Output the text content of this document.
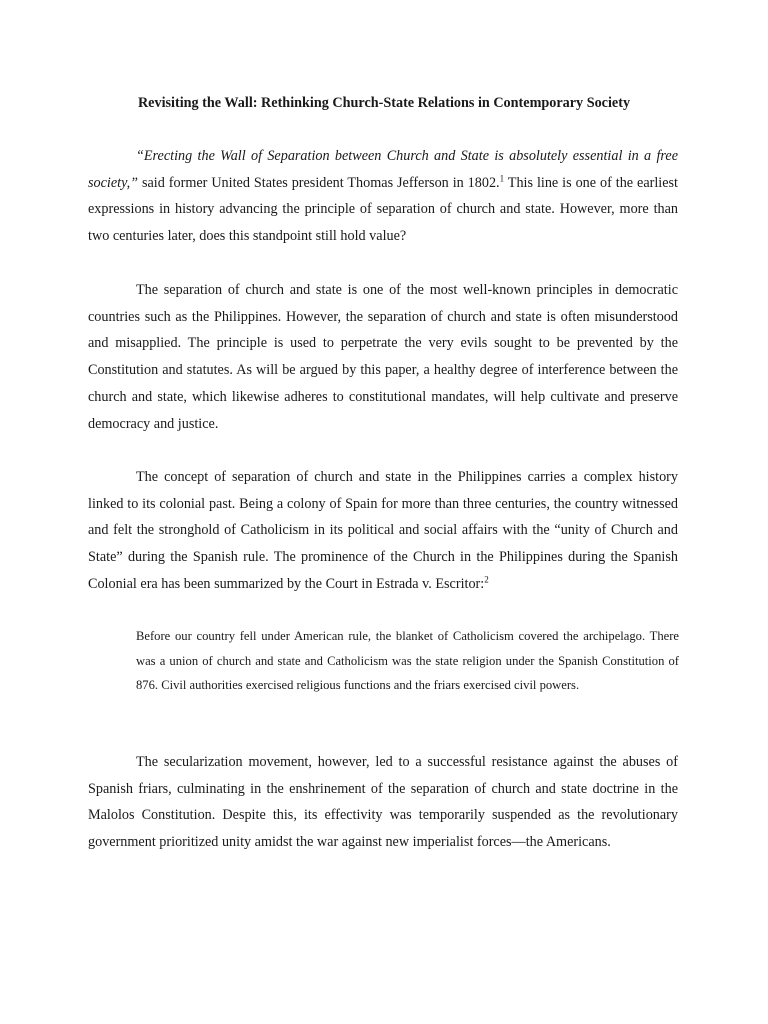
Revisiting the Wall: Rethinking Church-State Relations in Contemporary Society

“Erecting the Wall of Separation between Church and State is absolutely essential in a free society,” said former United States president Thomas Jefferson in 1802.$^1$ This line is one of the earliest expressions in history advancing the principle of separation of church and state. However, more than two centuries later, does this standpoint still hold value?

The separation of church and state is one of the most well-known principles in democratic countries such as the Philippines. However, the separation of church and state is often misunderstood and misapplied. The principle is used to perpetrate the very evils sought to be prevented by the Constitution and statutes. As will be argued by this paper, a healthy degree of interference between the church and state, which likewise adheres to constitutional mandates, will help cultivate and preserve democracy and justice.

The concept of separation of church and state in the Philippines carries a complex history linked to its colonial past. Being a colony of Spain for more than three centuries, the country witnessed and felt the stronghold of Catholicism in its political and social affairs with the “unity of Church and State” during the Spanish rule. The prominence of the Church in the Philippines during the Spanish Colonial era has been summarized by the Court in Estrada v. Escritor:$^2$

Before our country fell under American rule, the blanket of Catholicism covered the archipelago. There was a union of church and state and Catholicism was the state religion under the Spanish Constitution of 876. Civil authorities exercised religious functions and the friars exercised civil powers.

The secularization movement, however, led to a successful resistance against the abuses of Spanish friars, culminating in the enshrinement of the separation of church and state doctrine in the Malolos Constitution. Despite this, its effectivity was temporarily suspended as the revolutionary government prioritized unity amidst the war against new imperialist forces—the Americans.
